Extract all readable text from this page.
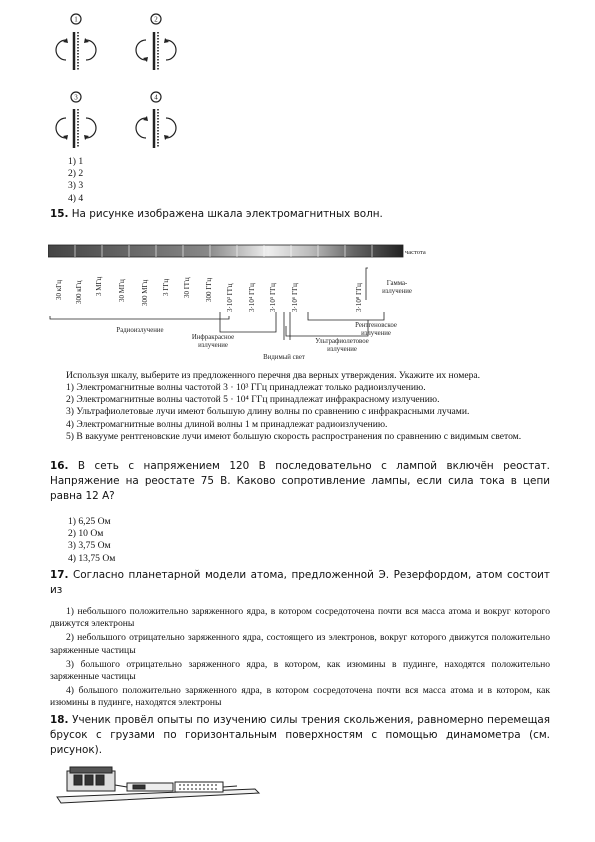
1	2
3	4
1) 1
2) 2
3) 3
4) 4
15. На рисунке изображена шкала электромагнитных волн.
частота
30 кГц 300 кГц 3 МГц 30 МГц 300 МГц 3 ГГц 30 ГГц 300 ГГц 3·10³ ГГц 3·10⁴ ГГц 3·10⁵ ГГц 3·10⁶ ГГц	3·10⁸ ГГц
Радиоизлучение
Инфракрасное излучение
Видимый свет
Ультрафиолетовое излучение
Рентгеновское излучение
Гамма-излучение
Используя шкалу, выберите из предложенного перечня два верных утверждения. Укажите их номера.
1) Электромагнитные волны частотой 3 · 10³ ГГц принадлежат только радиоизлучению.
2) Электромагнитные волны частотой 5 · 10⁴ ГГц принадлежат инфракрасному излучению.
3) Ультрафиолетовые лучи имеют большую длину волны по сравнению с инфракрасными лучами.
4) Электромагнитные волны длиной волны 1 м принадлежат радиоизлучению.
5) В вакууме рентгеновские лучи имеют большую скорость распространения по сравнению с видимым светом.
16. В сеть с напряжением 120 В последовательно с лампой включён реостат. Напряжение на реостате 75 В. Каково сопротивление лампы, если сила тока в цепи равна 12 А?
1) 6,25 Ом
2) 10 Ом
3) 3,75 Ом
4) 13,75 Ом
17. Согласно планетарной модели атома, предложенной Э. Резерфордом, атом состоит из
1) небольшого положительно заряженного ядра, в котором сосредоточена почти вся масса атома и вокруг которого движутся электроны
2) небольшого отрицательно заряженного ядра, состоящего из электронов, вокруг которого движутся положительно заряженные частицы
3) большого отрицательно заряженного ядра, в котором, как изюмины в пудинге, находятся положительно заряженные частицы
4) большого положительно заряженного ядра, в котором сосредоточена почти вся масса атома и в котором, как изюмины в пудинге, находятся электроны
18. Ученик провёл опыты по изучению силы трения скольжения, равномерно перемещая брусок с грузами по горизонтальным поверхностям с помощью динамометра (см. рисунок).
